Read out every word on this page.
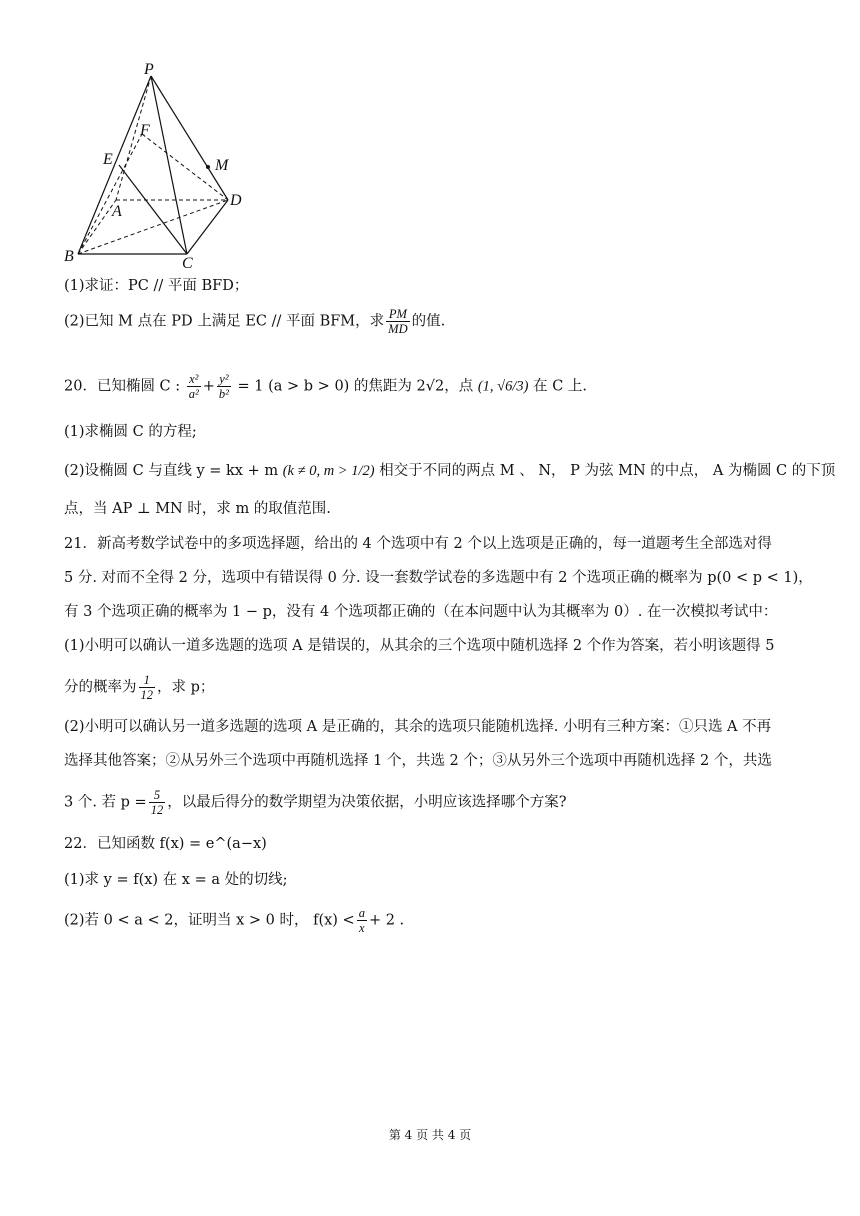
P
F
E	M
A
D
B	C
(1)求证：PC // 平面 BFD；
(2)已知 M 点在 PD 上满足 EC // 平面 BFM，求 $\frac{PM}{MD}$ 的值.
20．已知椭圆 C : $\frac{\text{x²}}{\text{a²}} + \frac{\text{y²}}{\text{b²}} = 1$ (a > b > 0) 的焦距为 2√2，点 (1, √6/3) 在 C 上.
(1)求椭圆 C 的方程;
(2)设椭圆 C 与直线 y = kx + m (k ≠ 0, m > 1/2) 相交于不同的两点 M 、 N， P 为弦 MN 的中点， A 为椭圆 C 的下顶
点，当 AP ⊥ MN 时，求 m 的取值范围.
21．新高考数学试卷中的多项选择题，给出的 4 个选项中有 2 个以上选项是正确的，每一道题考生全部选对得
5 分. 对而不全得 2 分，选项中有错误得 0 分. 设一套数学试卷的多选题中有 2 个选项正确的概率为 p(0 < p < 1)，
有 3 个选项正确的概率为 1 − p，没有 4 个选项都正确的（在本问题中认为其概率为 0）. 在一次模拟考试中：
(1)小明可以确认一道多选题的选项 A 是错误的，从其余的三个选项中随机选择 2 个作为答案，若小明该题得 5
分的概率为 $\frac{1}{12}$ ，求 p；
(2)小明可以确认另一道多选题的选项 A 是正确的，其余的选项只能随机选择. 小明有三种方案：①只选 A 不再
选择其他答案；②从另外三个选项中再随机选择 1 个，共选 2 个；③从另外三个选项中再随机选择 2 个，共选
3 个. 若 $p = \frac{5}{12}$ ，以最后得分的数学期望为决策依据，小明应该选择哪个方案?
22．已知函数 f(x) = e^(a−x)
(1)求 y = f(x) 在 x = a 处的切线;
(2)若 0 < a < 2，证明当 x > 0 时， $f(x) < \frac{a}{x} + 2$ .
第 4 页 共 4 页
